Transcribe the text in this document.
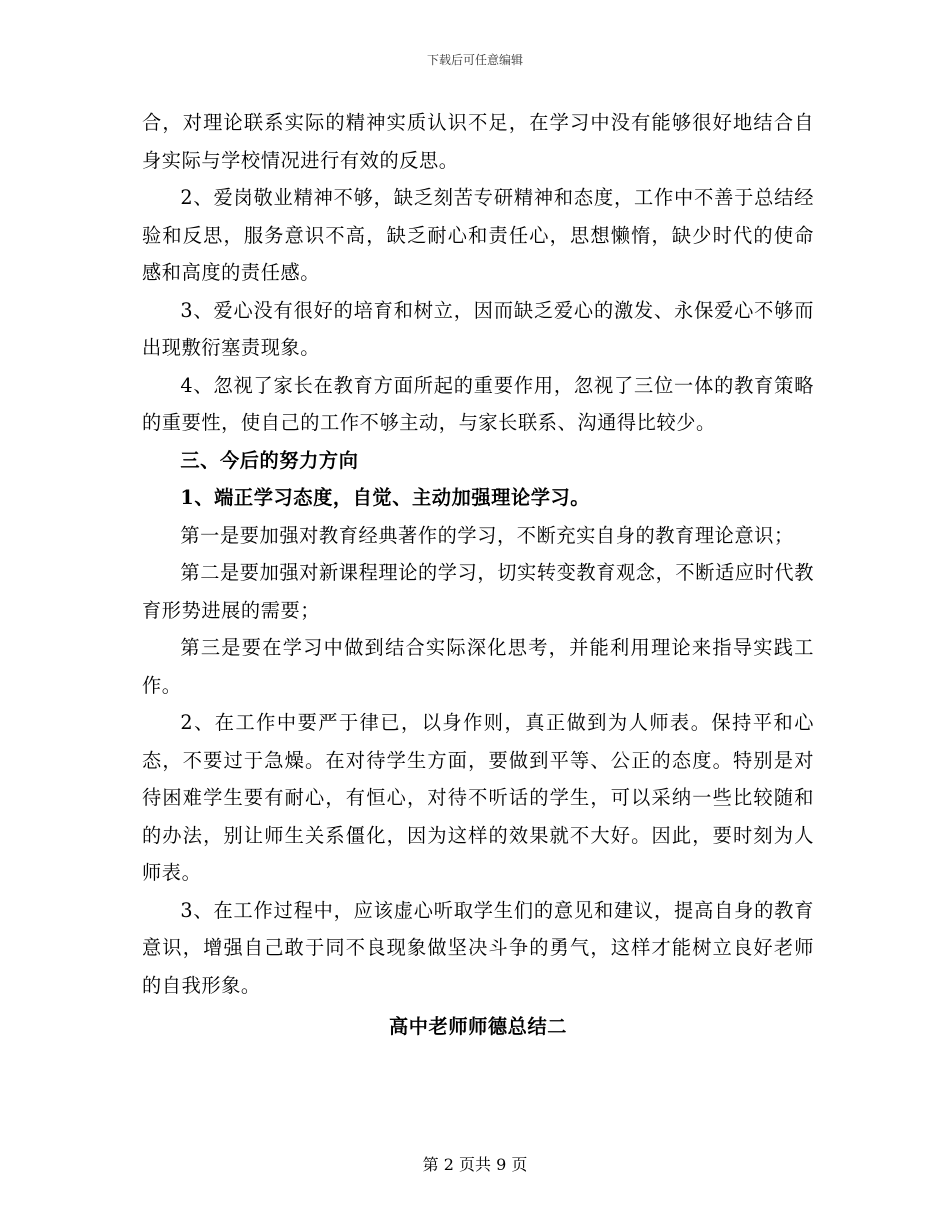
下载后可任意编辑

合，对理论联系实际的精神实质认识不足，在学习中没有能够很好地结合自身实际与学校情况进行有效的反思。

2、爱岗敬业精神不够，缺乏刻苦专研精神和态度，工作中不善于总结经验和反思，服务意识不高，缺乏耐心和责任心，思想懒惰，缺少时代的使命感和高度的责任感。

3、爱心没有很好的培育和树立，因而缺乏爱心的激发、永保爱心不够而出现敷衍塞责现象。

4、忽视了家长在教育方面所起的重要作用，忽视了三位一体的教育策略的重要性，使自己的工作不够主动，与家长联系、沟通得比较少。

三、今后的努力方向

1、端正学习态度，自觉、主动加强理论学习。

第一是要加强对教育经典著作的学习，不断充实自身的教育理论意识；

第二是要加强对新课程理论的学习，切实转变教育观念，不断适应时代教育形势进展的需要；

第三是要在学习中做到结合实际深化思考，并能利用理论来指导实践工作。

2、在工作中要严于律已，以身作则，真正做到为人师表。保持平和心态，不要过于急燥。在对待学生方面，要做到平等、公正的态度。特别是对待困难学生要有耐心，有恒心，对待不听话的学生，可以采纳一些比较随和的办法，别让师生关系僵化，因为这样的效果就不大好。因此，要时刻为人师表。

3、在工作过程中，应该虚心听取学生们的意见和建议，提高自身的教育意识，增强自己敢于同不良现象做坚决斗争的勇气，这样才能树立良好老师的自我形象。

高中老师师德总结二

第 2 页共 9 页
